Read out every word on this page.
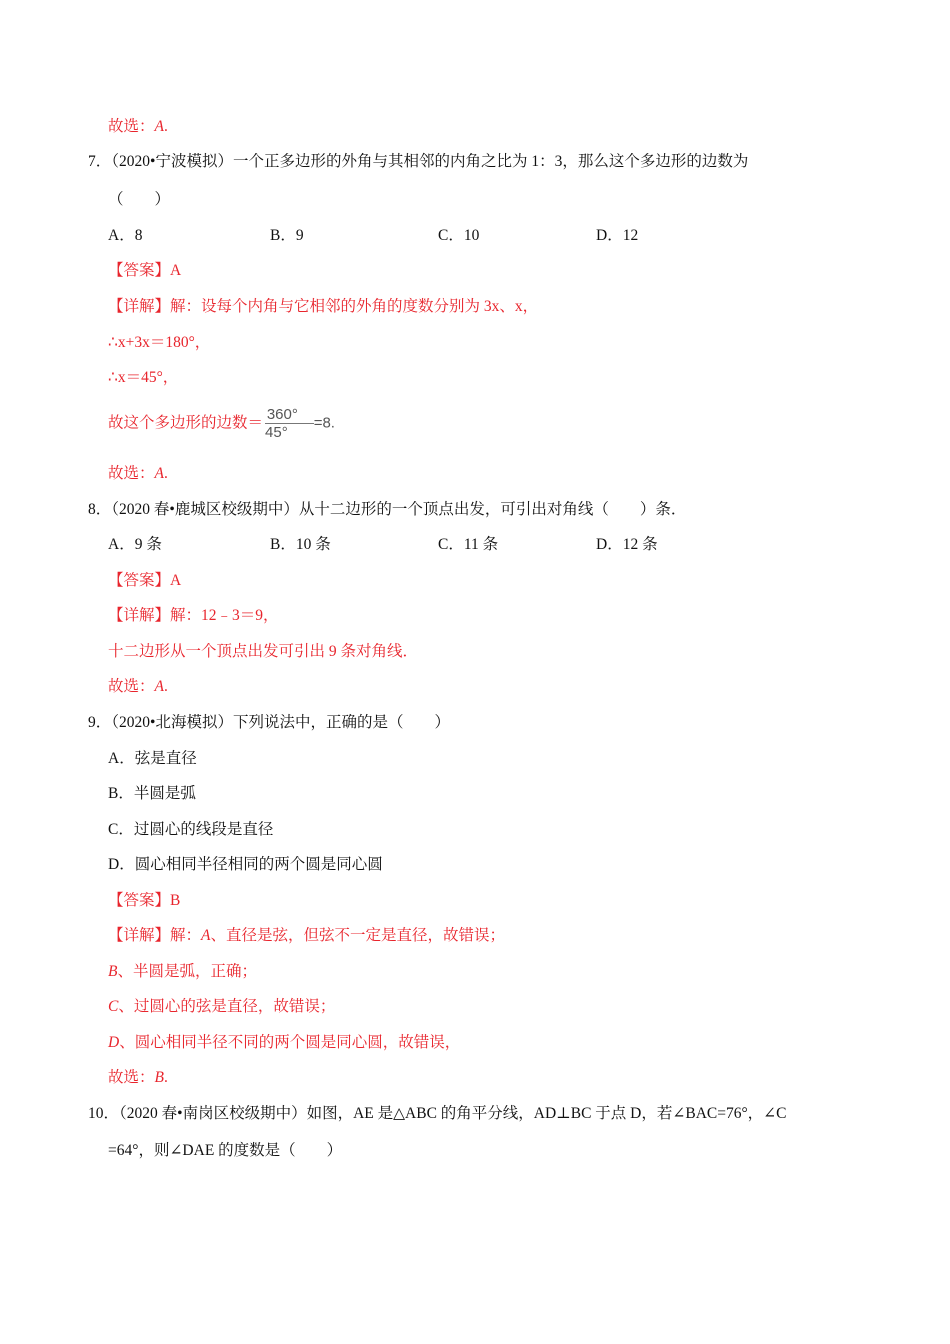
故选：A.
7．（2020•宁波模拟）一个正多边形的外角与其相邻的内角之比为 1：3，那么这个多边形的边数为
（　　）
A．8	B．9	C．10	D．12
【答案】A
【详解】解：设每个内角与它相邻的外角的度数分别为 3x、x，
∴x+3x＝180°，
∴x＝45°，
故这个多边形的边数＝ $\frac{360^\circ}{45^\circ} =8$.
故选：A.
8．（2020 春•鹿城区校级期中）从十二边形的一个顶点出发，可引出对角线（　　）条．
A．9 条	B．10 条	C．11 条	D．12 条
【答案】A
【详解】解：12﹣3＝9，
十二边形从一个顶点出发可引出 9 条对角线．
故选：A.
9．（2020•北海模拟）下列说法中，正确的是（　　）
A．弦是直径
B．半圆是弧
C．过圆心的线段是直径
D．圆心相同半径相同的两个圆是同心圆
【答案】B
【详解】解：A、直径是弦，但弦不一定是直径，故错误；
B、半圆是弧，正确；
C、过圆心的弦是直径，故错误；
D、圆心相同半径不同的两个圆是同心圆，故错误，
故选：B.
10．（2020 春•南岗区校级期中）如图，AE 是△ABC 的角平分线，AD⊥BC 于点 D，若∠BAC=76°，∠C
=64°，则∠DAE 的度数是（　　）
